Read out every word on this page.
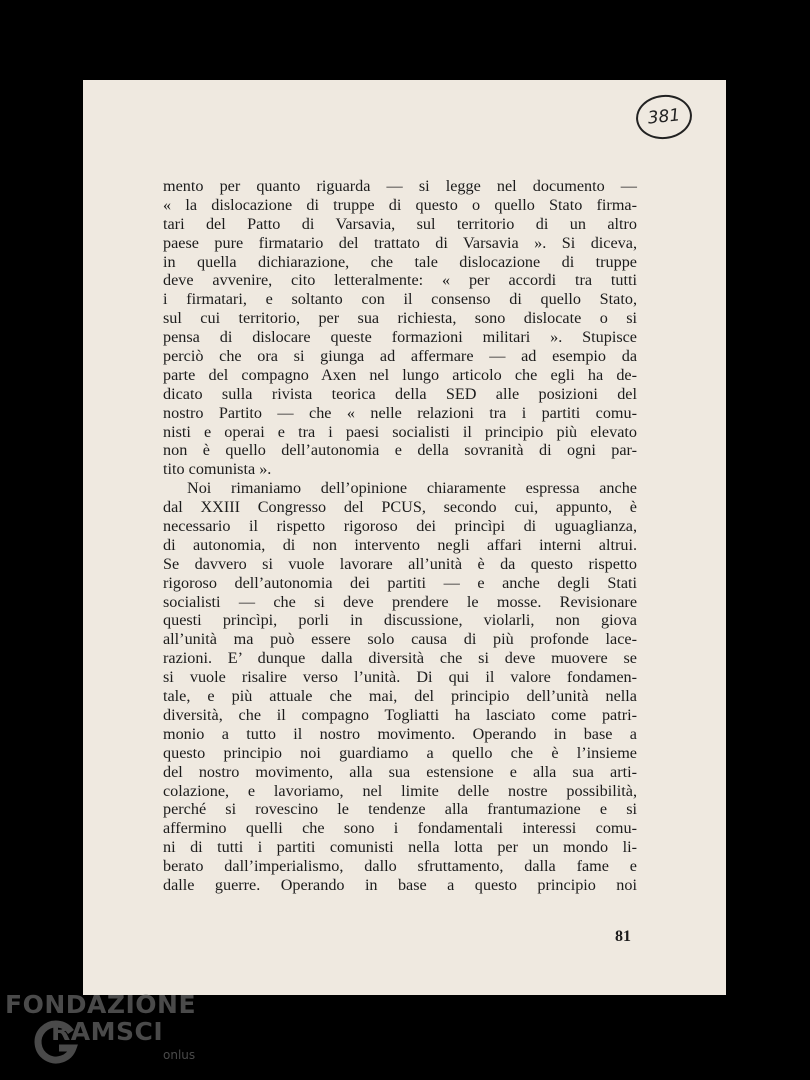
381
mento per quanto riguarda — si legge nel documento —
« la dislocazione di truppe di questo o quello Stato firma-
tari del Patto di Varsavia, sul territorio di un altro
paese pure firmatario del trattato di Varsavia ». Si diceva,
in quella dichiarazione, che tale dislocazione di truppe
deve avvenire, cito letteralmente: « per accordi tra tutti
i firmatari, e soltanto con il consenso di quello Stato,
sul cui territorio, per sua richiesta, sono dislocate o si
pensa di dislocare queste formazioni militari ». Stupisce
perciò che ora si giunga ad affermare — ad esempio da
parte del compagno Axen nel lungo articolo che egli ha de-
dicato sulla rivista teorica della SED alle posizioni del
nostro Partito — che « nelle relazioni tra i partiti comu-
nisti e operai e tra i paesi socialisti il principio più elevato
non è quello dell’autonomia e della sovranità di ogni par-
tito comunista ».
Noi rimaniamo dell’opinione chiaramente espressa anche
dal XXIII Congresso del PCUS, secondo cui, appunto, è
necessario il rispetto rigoroso dei princìpi di uguaglianza,
di autonomia, di non intervento negli affari interni altrui.
Se davvero si vuole lavorare all’unità è da questo rispetto
rigoroso dell’autonomia dei partiti — e anche degli Stati
socialisti — che si deve prendere le mosse. Revisionare
questi princìpi, porli in discussione, violarli, non giova
all’unità ma può essere solo causa di più profonde lace-
razioni. E’ dunque dalla diversità che si deve muovere se
si vuole risalire verso l’unità. Di qui il valore fondamen-
tale, e più attuale che mai, del principio dell’unità nella
diversità, che il compagno Togliatti ha lasciato come patri-
monio a tutto il nostro movimento. Operando in base a
questo principio noi guardiamo a quello che è l’insieme
del nostro movimento, alla sua estensione e alla sua arti-
colazione, e lavoriamo, nel limite delle nostre possibilità,
perché si rovescino le tendenze alla frantumazione e si
affermino quelli che sono i fondamentali interessi comu-
ni di tutti i partiti comunisti nella lotta per un mondo li-
berato dall’imperialismo, dallo sfruttamento, dalla fame e
dalle guerre. Operando in base a questo principio noi
81
FONDAZIONE
RAMSCI
onlus
